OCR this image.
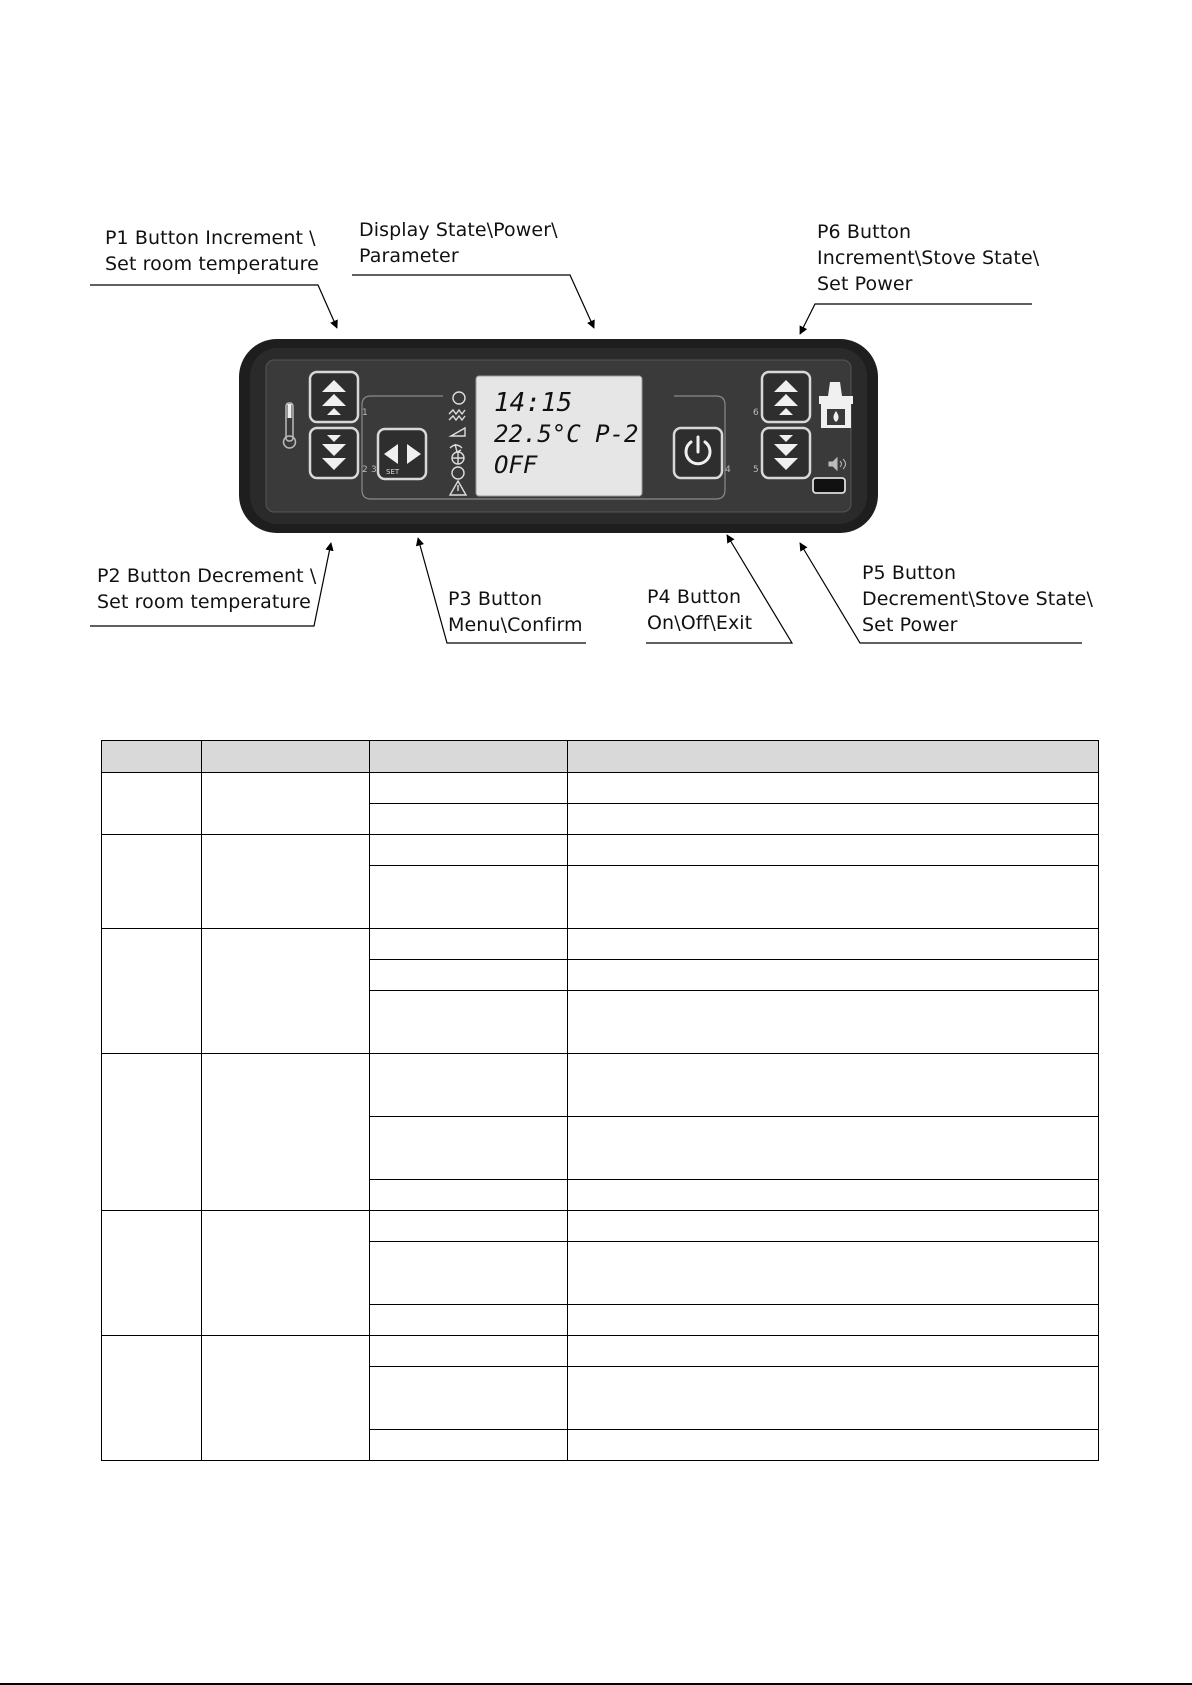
P1 Button Increment \
Set room temperature
Display State\Power\
Parameter
P6 Button
Increment\Stove State\
Set Power
P2 Button Decrement \
Set room temperature	P3 Button
Menu\Confirm
P4 Button
On\Off\Exit
P5 Button
Decrement\Stove State\
Set Power
1
2	SET
3
14:15
22.5°C P-2
OFF	4
6
5
